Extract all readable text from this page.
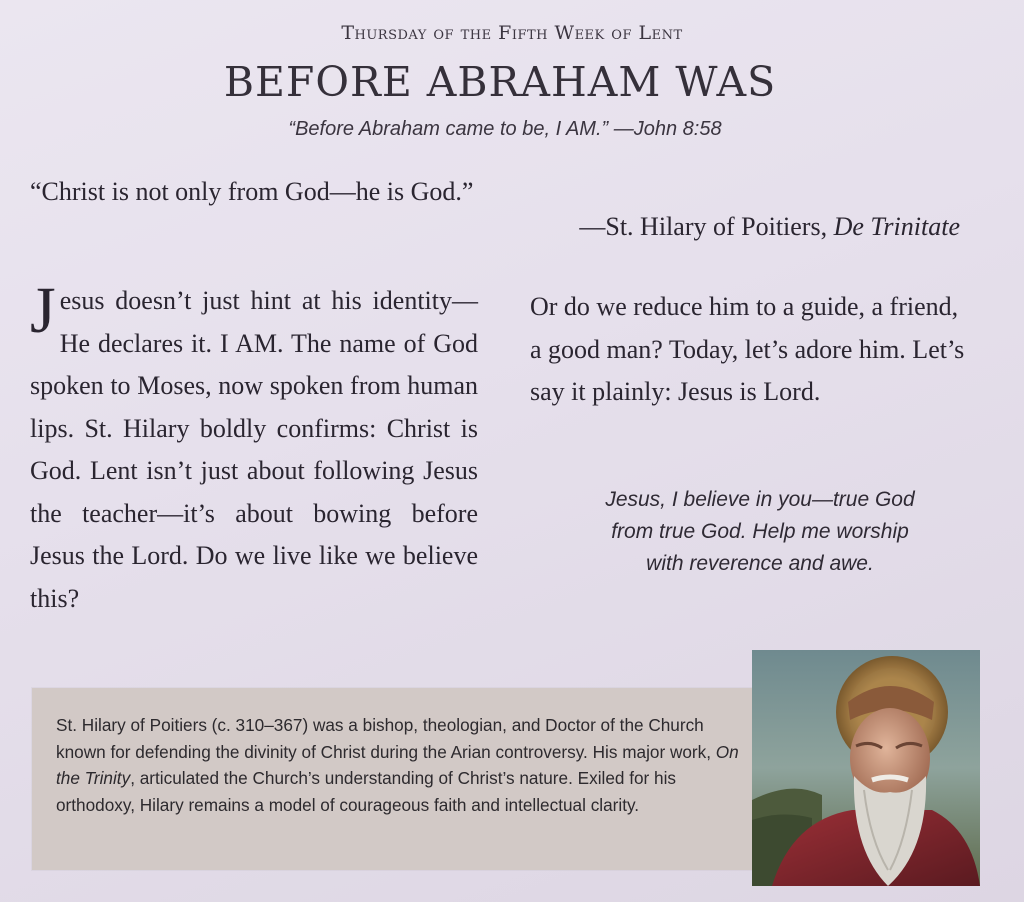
Thursday of the Fifth Week of Lent
BEFORE ABRAHAM WAS
“Before Abraham came to be, I AM.” —John 8:58
“Christ is not only from God—he is God.”
—St. Hilary of Poitiers, De Trinitate
Jesus doesn’t just hint at his identity—He declares it. I AM. The name of God spoken to Moses, now spoken from human lips. St. Hilary boldly confirms: Christ is God. Lent isn’t just about following Jesus the teacher—it’s about bowing before Jesus the Lord. Do we live like we believe this?
Or do we reduce him to a guide, a friend, a good man? Today, let’s adore him. Let’s say it plainly: Jesus is Lord.
Jesus, I believe in you—true God
from true God. Help me worship
with reverence and awe.
St. Hilary of Poitiers (c. 310–367) was a bishop, theologian, and Doctor of the Church known for defending the divinity of Christ during the Arian controversy. His major work, On the Trinity, articulated the Church’s understanding of Christ’s nature. Exiled for his orthodoxy, Hilary remains a model of courageous faith and intellectual clarity.
